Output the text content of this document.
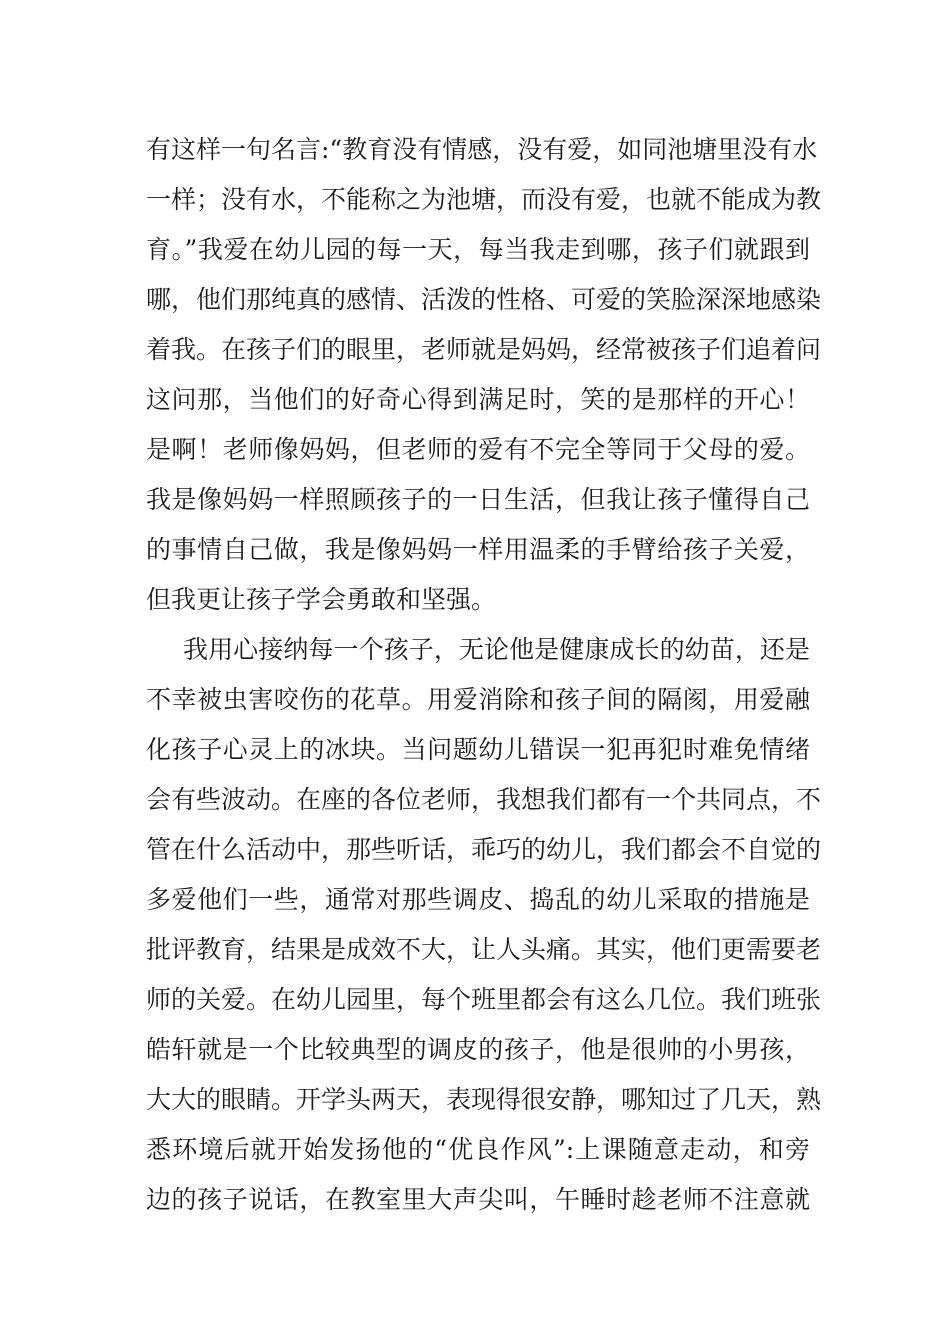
有这样一句名言:“教育没有情感，没有爱，如同池塘里没有水
一样；没有水，不能称之为池塘，而没有爱，也就不能成为教
育。”我爱在幼儿园的每一天，每当我走到哪，孩子们就跟到
哪，他们那纯真的感情、活泼的性格、可爱的笑脸深深地感染
着我。在孩子们的眼里，老师就是妈妈，经常被孩子们追着问
这问那，当他们的好奇心得到满足时，笑的是那样的开心！
是啊！老师像妈妈，但老师的爱有不完全等同于父母的爱。
我是像妈妈一样照顾孩子的一日生活，但我让孩子懂得自己
的事情自己做，我是像妈妈一样用温柔的手臂给孩子关爱，
但我更让孩子学会勇敢和坚强。
我用心接纳每一个孩子，无论他是健康成长的幼苗，还是
不幸被虫害咬伤的花草。用爱消除和孩子间的隔阂，用爱融
化孩子心灵上的冰块。当问题幼儿错误一犯再犯时难免情绪
会有些波动。在座的各位老师，我想我们都有一个共同点，不
管在什么活动中，那些听话，乖巧的幼儿，我们都会不自觉的
多爱他们一些，通常对那些调皮、捣乱的幼儿采取的措施是
批评教育，结果是成效不大，让人头痛。其实，他们更需要老
师的关爱。在幼儿园里，每个班里都会有这么几位。我们班张
皓轩就是一个比较典型的调皮的孩子，他是很帅的小男孩，
大大的眼睛。开学头两天，表现得很安静，哪知过了几天，熟
悉环境后就开始发扬他的“优良作风”:上课随意走动，和旁
边的孩子说话，在教室里大声尖叫，午睡时趁老师不注意就
